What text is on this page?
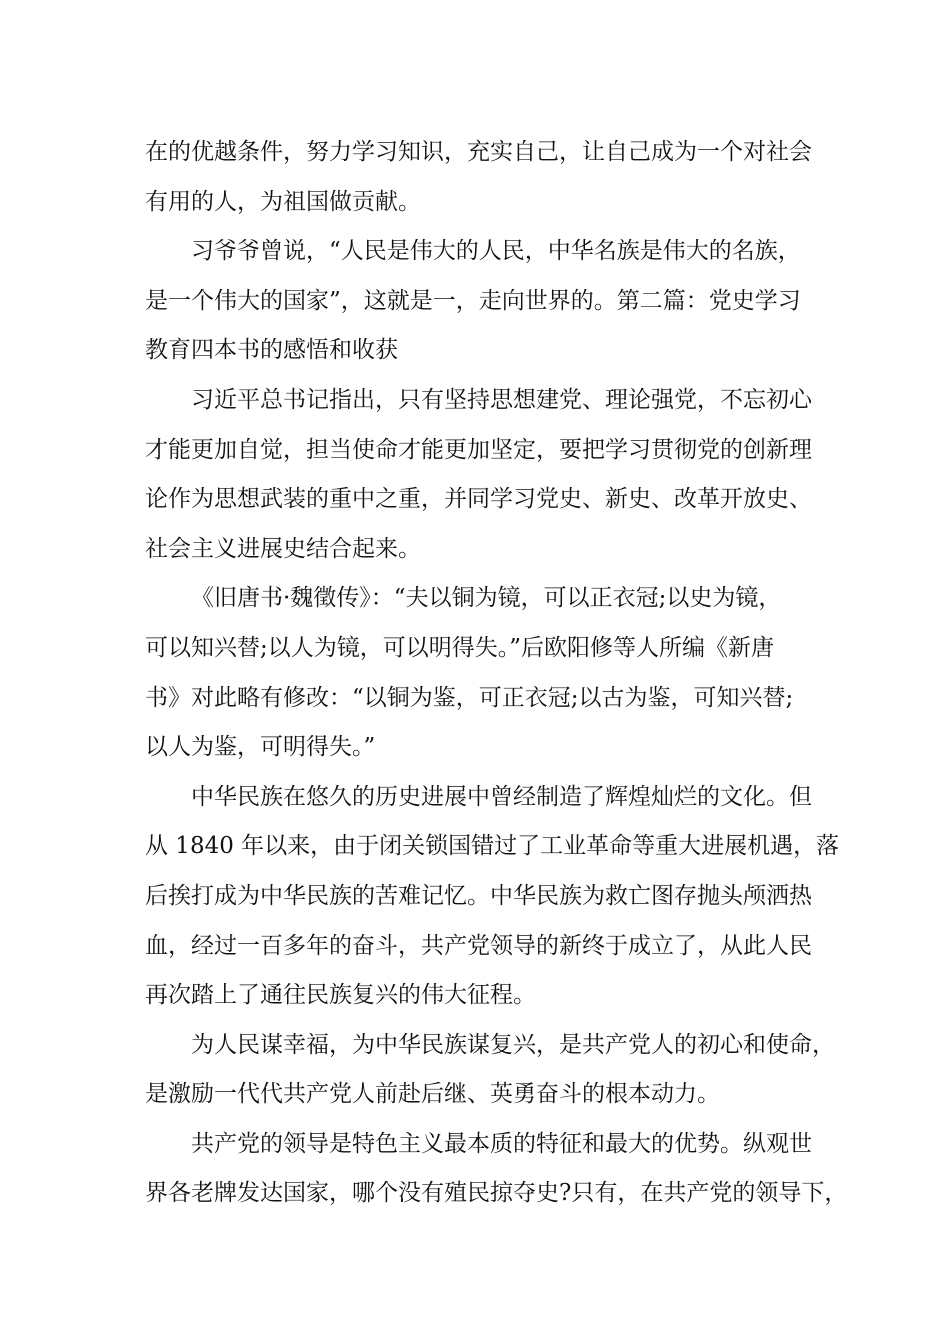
在的优越条件，努力学习知识，充实自己，让自己成为一个对社会
有用的人，为祖国做贡献。
习爷爷曾说，“人民是伟大的人民，中华名族是伟大的名族，
是一个伟大的国家”，这就是一，走向世界的。第二篇：党史学习
教育四本书的感悟和收获
习近平总书记指出，只有坚持思想建党、理论强党，不忘初心
才能更加自觉，担当使命才能更加坚定，要把学习贯彻党的创新理
论作为思想武装的重中之重，并同学习党史、新史、改革开放史、
社会主义进展史结合起来。
《旧唐书·魏徵传》：“夫以铜为镜，可以正衣冠;以史为镜，
可以知兴替;以人为镜，可以明得失。”后欧阳修等人所编《新唐
书》对此略有修改：“以铜为鉴，可正衣冠;以古为鉴，可知兴替;
以人为鉴，可明得失。”
中华民族在悠久的历史进展中曾经制造了辉煌灿烂的文化。但
从 1840 年以来，由于闭关锁国错过了工业革命等重大进展机遇，落
后挨打成为中华民族的苦难记忆。中华民族为救亡图存抛头颅洒热
血，经过一百多年的奋斗，共产党领导的新终于成立了，从此人民
再次踏上了通往民族复兴的伟大征程。
为人民谋幸福，为中华民族谋复兴，是共产党人的初心和使命，
是激励一代代共产党人前赴后继、英勇奋斗的根本动力。
共产党的领导是特色主义最本质的特征和最大的优势。纵观世
界各老牌发达国家，哪个没有殖民掠夺史?只有，在共产党的领导下，
